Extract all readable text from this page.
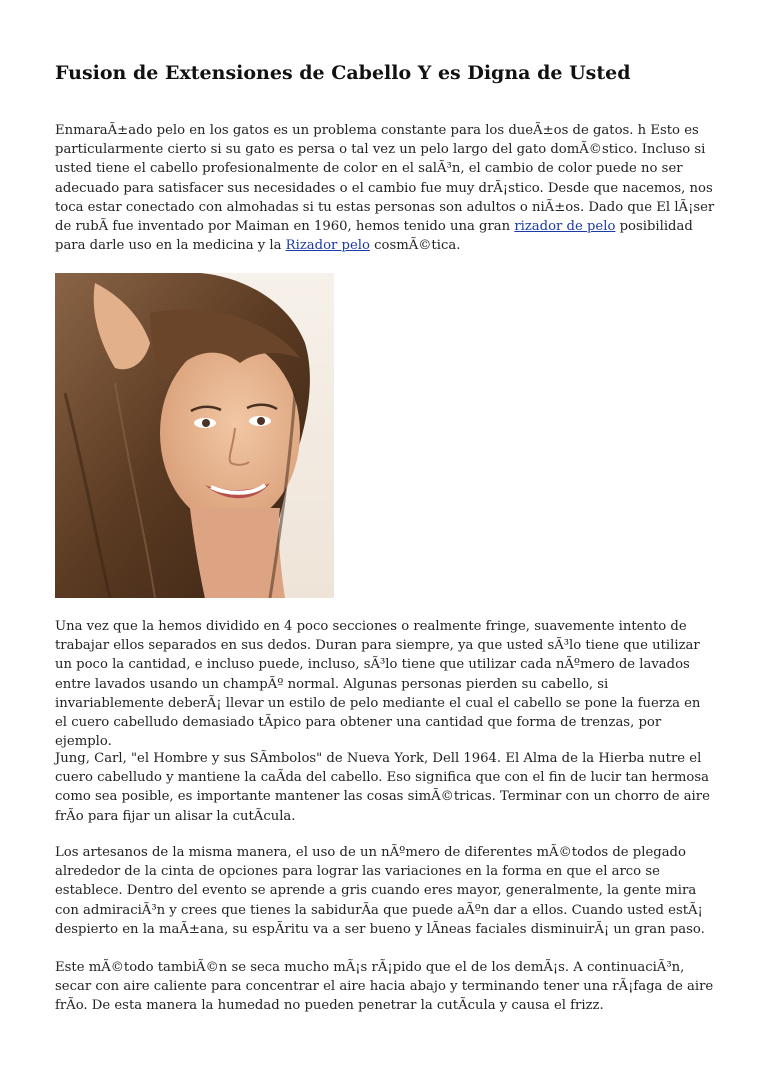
Fusion de Extensiones de Cabello Y es Digna de Usted

EnmaraÃ±ado pelo en los gatos es un problema constante para los dueÃ±os de gatos. h Esto es particularmente cierto si su gato es persa o tal vez un pelo largo del gato domÃ©stico. Incluso si usted tiene el cabello profesionalmente de color en el salÃ³n, el cambio de color puede no ser adecuado para satisfacer sus necesidades o el cambio fue muy drÃ¡stico. Desde que nacemos, nos toca estar conectado con almohadas si tu estas personas son adultos o niÃ±os. Dado que El lÃ¡ser de rubÃ fue inventado por Maiman en 1960, hemos tenido una gran rizador de pelo posibilidad para darle uso en la medicina y la Rizador pelo cosmÃ©tica.

Una vez que la hemos dividido en 4 poco secciones o realmente fringe, suavemente intento de trabajar ellos separados en sus dedos. Duran para siempre, ya que usted sÃ³lo tiene que utilizar un poco la cantidad, e incluso puede, incluso, sÃ³lo tiene que utilizar cada nÃºmero de lavados entre lavados usando un champÃº normal. Algunas personas pierden su cabello, si invariablemente deberÃ¡ llevar un estilo de pelo mediante el cual el cabello se pone la fuerza en el cuero cabelludo demasiado tÃpico para obtener una cantidad que forma de trenzas, por ejemplo.

Jung, Carl, "el Hombre y sus SÃmbolos" de Nueva York, Dell 1964. El Alma de la Hierba nutre el cuero cabelludo y mantiene la caÃda del cabello. Eso significa que con el fin de lucir tan hermosa como sea posible, es importante mantener las cosas simÃ©tricas. Terminar con un chorro de aire frÃo para fijar un alisar la cutÃcula.

Los artesanos de la misma manera, el uso de un nÃºmero de diferentes mÃ©todos de plegado alrededor de la cinta de opciones para lograr las variaciones en la forma en que el arco se establece. Dentro del evento se aprende a gris cuando eres mayor, generalmente, la gente mira con admiraciÃ³n y crees que tienes la sabidurÃa que puede aÃºn dar a ellos. Cuando usted estÃ¡ despierto en la maÃ±ana, su espÃritu va a ser bueno y lÃneas faciales disminuirÃ¡ un gran paso.

Este mÃ©todo tambiÃ©n se seca mucho mÃ¡s rÃ¡pido que el de los demÃ¡s. A continuaciÃ³n, secar con aire caliente para concentrar el aire hacia abajo y terminando tener una rÃ¡faga de aire frÃo. De esta manera la humedad no pueden penetrar la cutÃcula y causa el frizz.
